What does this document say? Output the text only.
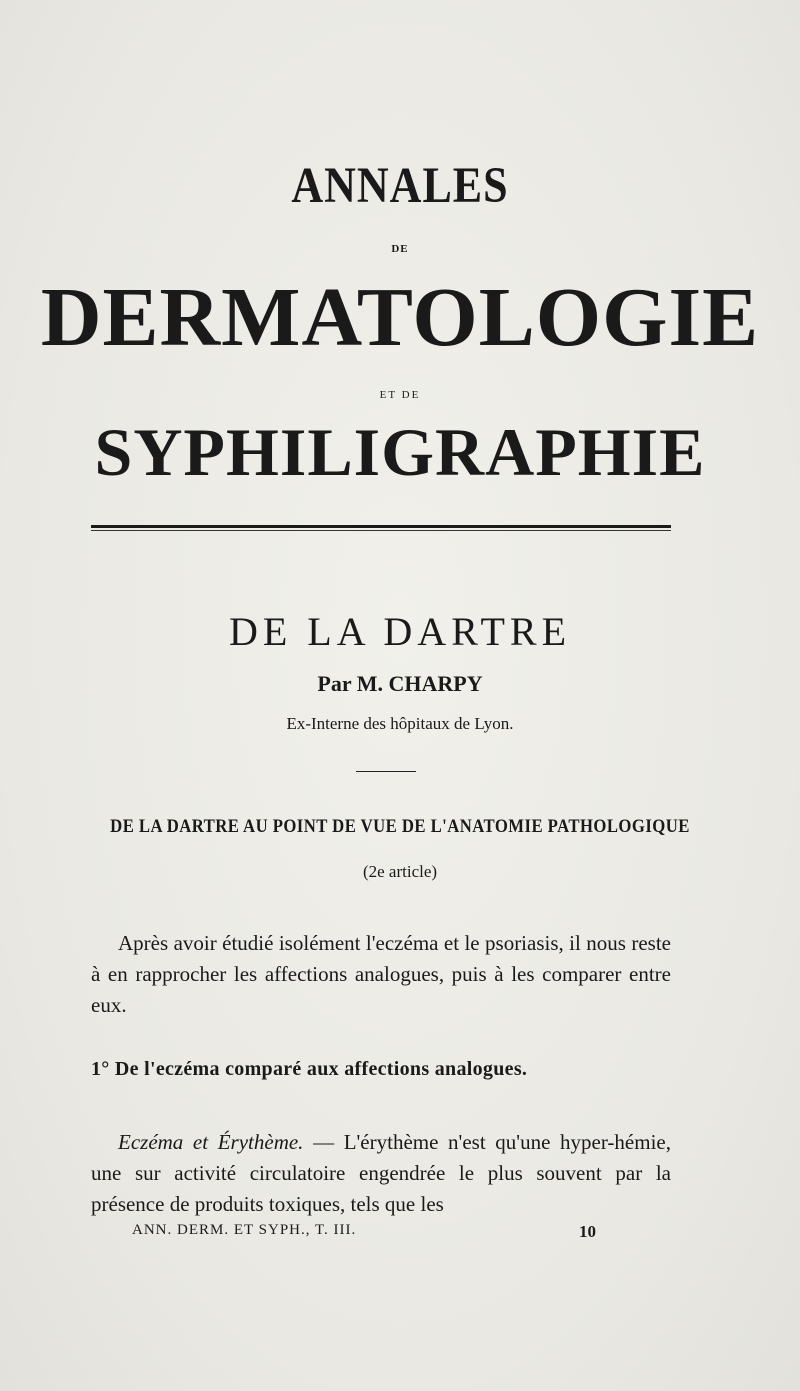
ANNALES
DE
DERMATOLOGIE
ET DE
SYPHILIGRAPHIE
DE LA DARTRE
Par M. CHARPY
Ex-Interne des hôpitaux de Lyon.
DE LA DARTRE AU POINT DE VUE DE L'ANATOMIE PATHOLOGIQUE
(2e article)
Après avoir étudié isolément l'eczéma et le psoriasis, il nous reste à en rapprocher les affections analogues, puis à les comparer entre eux.
1° De l'eczéma comparé aux affections analogues.
Eczéma et Érythème. — L'érythème n'est qu'une hyper-hémie, une sur activité circulatoire engendrée le plus souvent par la présence de produits toxiques, tels que les
ANN. DERM. ET SYPH., T. III.	10
